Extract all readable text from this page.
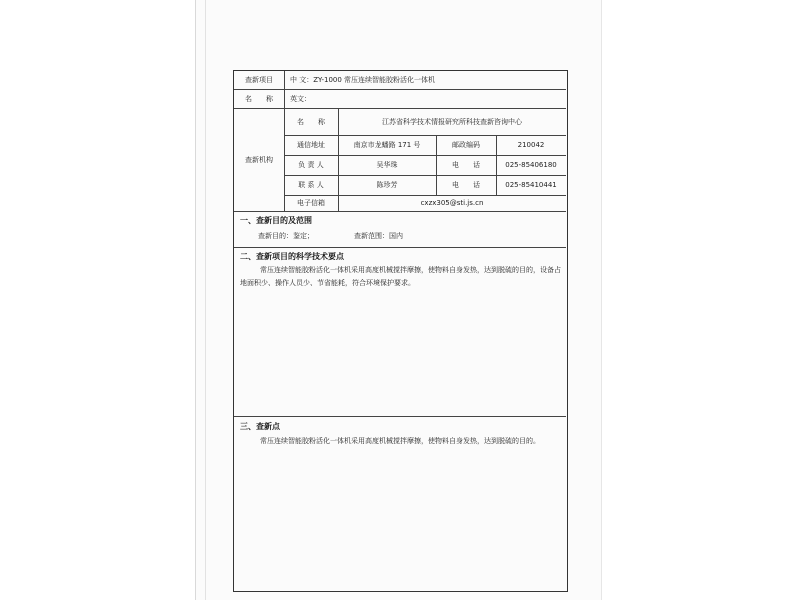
查新项目	中 文：ZY-1000 常压连续智能胶粉活化一体机
名　　称	英文：
查新机构
名　　称	江苏省科学技术情报研究所科技查新咨询中心
通信地址	南京市龙蟠路 171 号	邮政编码	210042
负 责 人	吴华珠	电　　话	025-85406180
联 系 人	陈珍芳	电　　话	025-85410441
电子信箱	cxzx305@sti.js.cn
一、查新目的及范围
查新目的：鉴定；	查新范围：国内
二、查新项目的科学技术要点
常压连续智能胶粉活化一体机采用高度机械搅拌摩擦，使物料自身发热，达到脱硫的目的，设备占地面积少、操作人员少、节省能耗，符合环境保护要求。
三、查新点
常压连续智能胶粉活化一体机采用高度机械搅拌摩擦，使物料自身发热，达到脱硫的目的。
